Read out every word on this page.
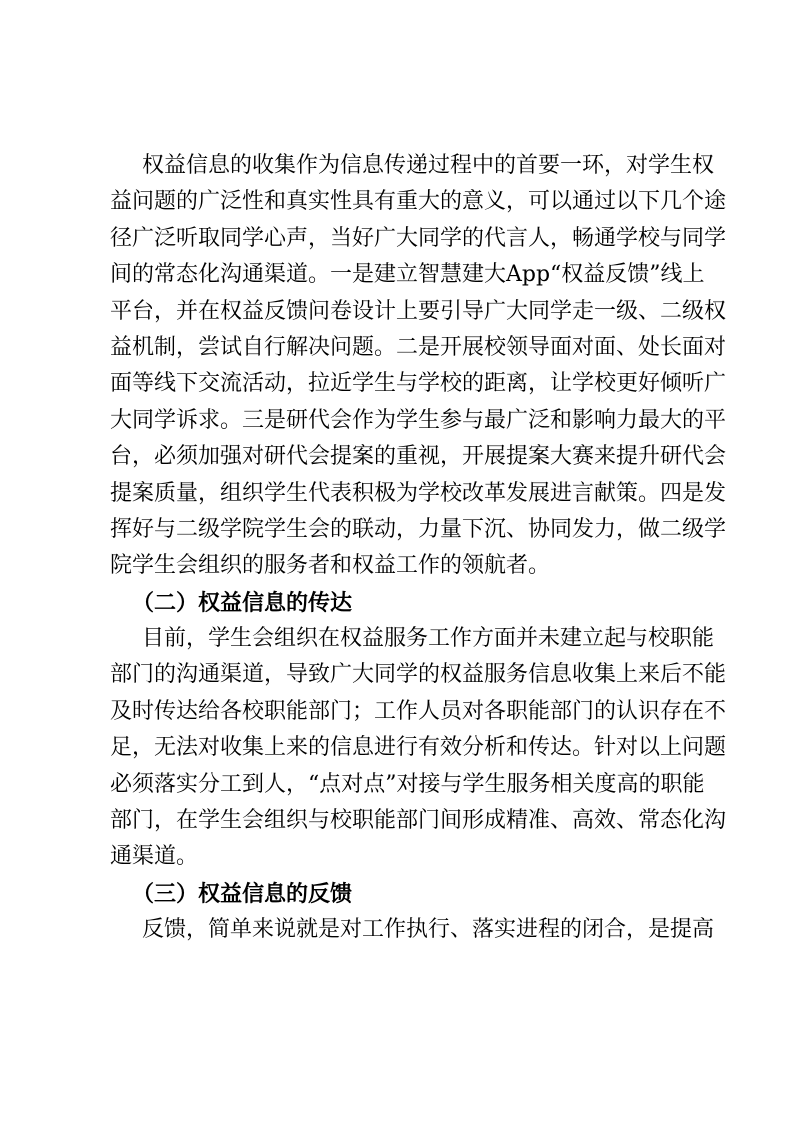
权益信息的收集作为信息传递过程中的首要一环，对学生权
益问题的广泛性和真实性具有重大的意义，可以通过以下几个途
径广泛听取同学心声，当好广大同学的代言人，畅通学校与同学
间的常态化沟通渠道。一是建立智慧建大App“权益反馈”线上
平台，并在权益反馈问卷设计上要引导广大同学走一级、二级权
益机制，尝试自行解决问题。二是开展校领导面对面、处长面对
面等线下交流活动，拉近学生与学校的距离，让学校更好倾听广
大同学诉求。三是研代会作为学生参与最广泛和影响力最大的平
台，必须加强对研代会提案的重视，开展提案大赛来提升研代会
提案质量，组织学生代表积极为学校改革发展进言献策。四是发
挥好与二级学院学生会的联动，力量下沉、协同发力，做二级学
院学生会组织的服务者和权益工作的领航者。
（二）权益信息的传达
目前，学生会组织在权益服务工作方面并未建立起与校职能
部门的沟通渠道，导致广大同学的权益服务信息收集上来后不能
及时传达给各校职能部门；工作人员对各职能部门的认识存在不
足，无法对收集上来的信息进行有效分析和传达。针对以上问题
必须落实分工到人，“点对点”对接与学生服务相关度高的职能
部门，在学生会组织与校职能部门间形成精准、高效、常态化沟
通渠道。
（三）权益信息的反馈
反馈，简单来说就是对工作执行、落实进程的闭合，是提高
